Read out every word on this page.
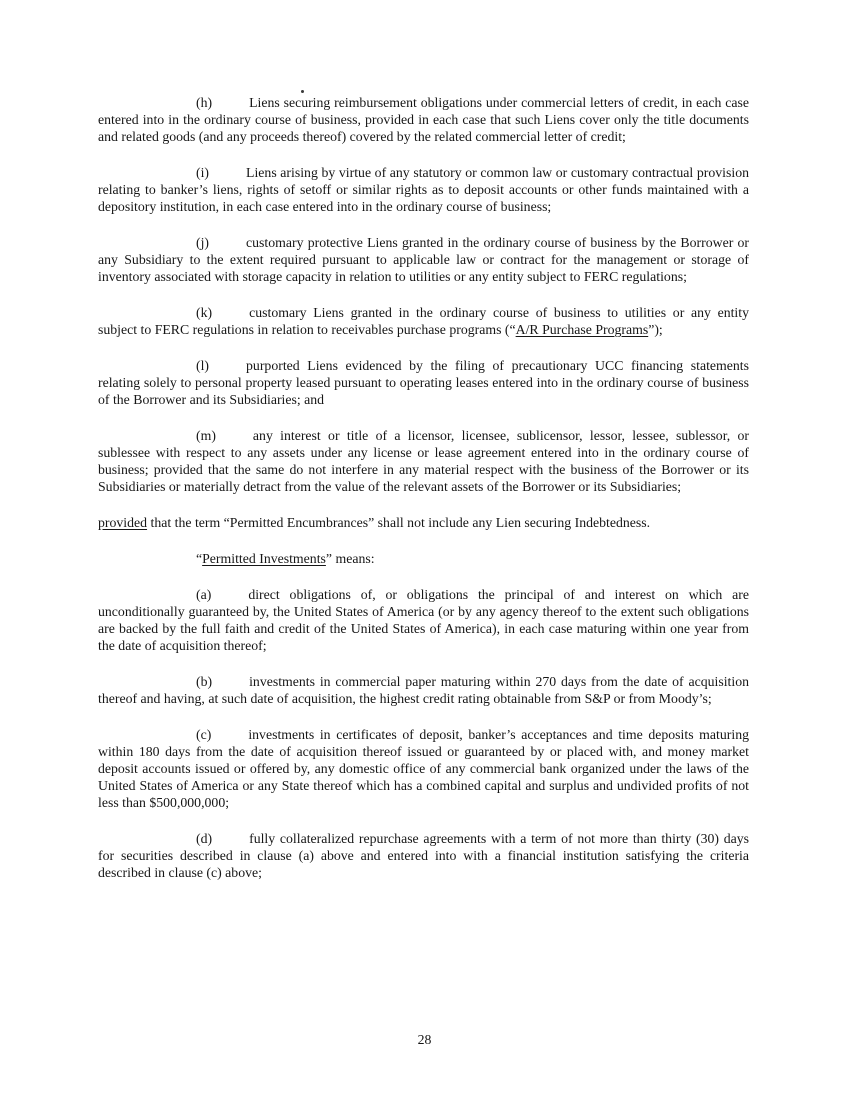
(h)	Liens securing reimbursement obligations under commercial letters of credit, in each case entered into in the ordinary course of business, provided in each case that such Liens cover only the title documents and related goods (and any proceeds thereof) covered by the related commercial letter of credit;

(i)	Liens arising by virtue of any statutory or common law or customary contractual provision relating to banker’s liens, rights of setoff or similar rights as to deposit accounts or other funds maintained with a depository institution, in each case entered into in the ordinary course of business;

(j)	customary protective Liens granted in the ordinary course of business by the Borrower or any Subsidiary to the extent required pursuant to applicable law or contract for the management or storage of inventory associated with storage capacity in relation to utilities or any entity subject to FERC regulations;

(k)	customary Liens granted in the ordinary course of business to utilities or any entity subject to FERC regulations in relation to receivables purchase programs (“A/R Purchase Programs”);

(l)	purported Liens evidenced by the filing of precautionary UCC financing statements relating solely to personal property leased pursuant to operating leases entered into in the ordinary course of business of the Borrower and its Subsidiaries; and

(m)	any interest or title of a licensor, licensee, sublicensor, lessor, lessee, sublessor, or sublessee with respect to any assets under any license or lease agreement entered into in the ordinary course of business; provided that the same do not interfere in any material respect with the business of the Borrower or its Subsidiaries or materially detract from the value of the relevant assets of the Borrower or its Subsidiaries;

provided that the term “Permitted Encumbrances” shall not include any Lien securing Indebtedness.

“Permitted Investments” means:

(a)	direct obligations of, or obligations the principal of and interest on which are unconditionally guaranteed by, the United States of America (or by any agency thereof to the extent such obligations are backed by the full faith and credit of the United States of America), in each case maturing within one year from the date of acquisition thereof;

(b)	investments in commercial paper maturing within 270 days from the date of acquisition thereof and having, at such date of acquisition, the highest credit rating obtainable from S&P or from Moody’s;

(c)	investments in certificates of deposit, banker’s acceptances and time deposits maturing within 180 days from the date of acquisition thereof issued or guaranteed by or placed with, and money market deposit accounts issued or offered by, any domestic office of any commercial bank organized under the laws of the United States of America or any State thereof which has a combined capital and surplus and undivided profits of not less than $500,000,000;

(d)	fully collateralized repurchase agreements with a term of not more than thirty (30) days for securities described in clause (a) above and entered into with a financial institution satisfying the criteria described in clause (c) above;

28
